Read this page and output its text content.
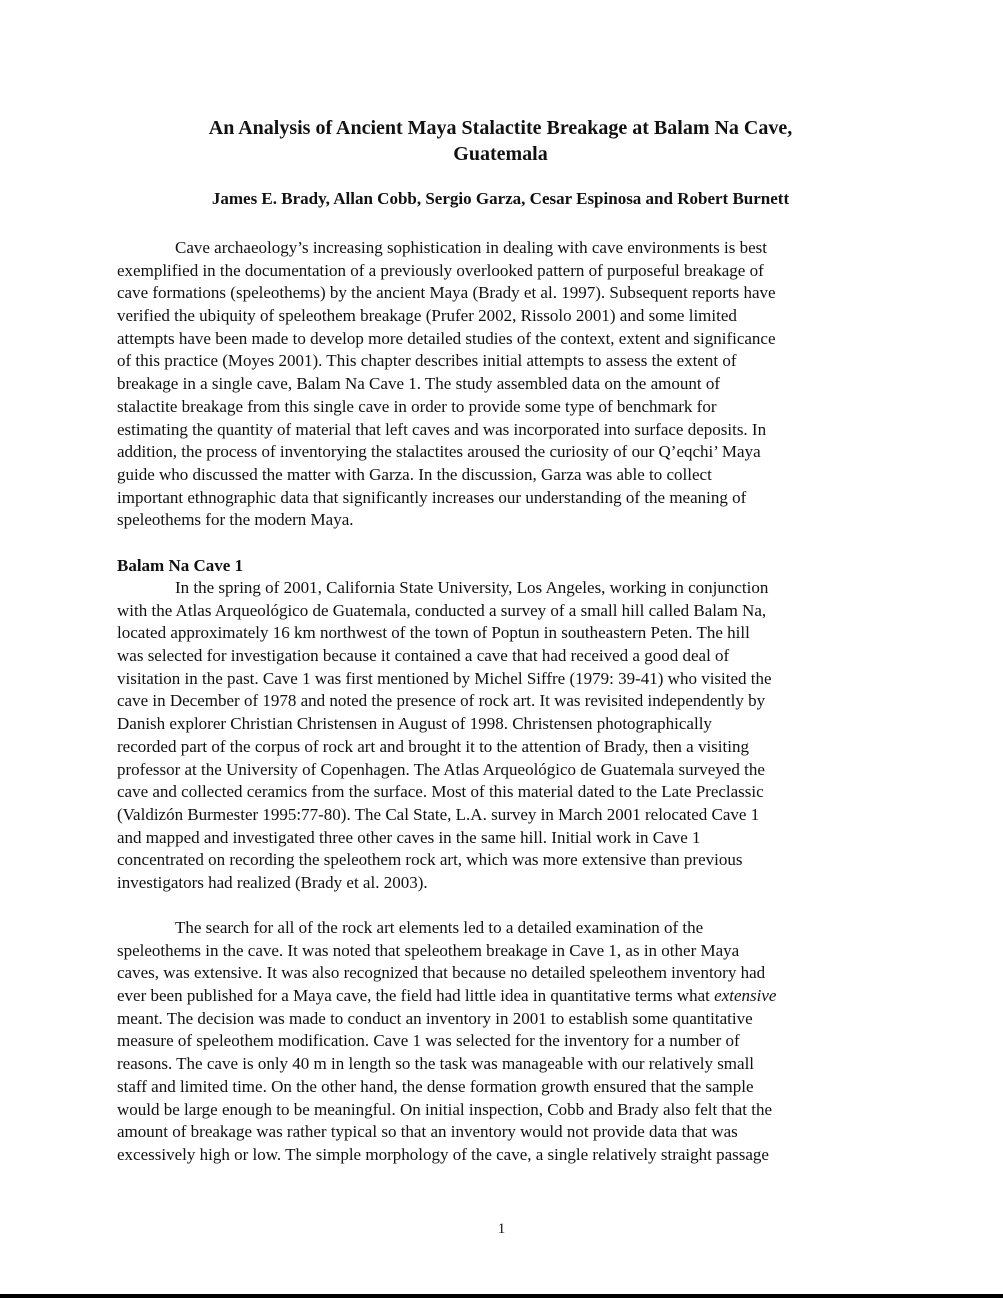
An Analysis of Ancient Maya Stalactite Breakage at Balam Na Cave,
Guatemala
James E. Brady, Allan Cobb, Sergio Garza, Cesar Espinosa and Robert Burnett
Cave archaeology’s increasing sophistication in dealing with cave environments is best
exemplified in the documentation of a previously overlooked pattern of purposeful breakage of
cave formations (speleothems) by the ancient Maya (Brady et al. 1997). Subsequent reports have
verified the ubiquity of speleothem breakage (Prufer 2002, Rissolo 2001) and some limited
attempts have been made to develop more detailed studies of the context, extent and significance
of this practice (Moyes 2001). This chapter describes initial attempts to assess the extent of
breakage in a single cave, Balam Na Cave 1. The study assembled data on the amount of
stalactite breakage from this single cave in order to provide some type of benchmark for
estimating the quantity of material that left caves and was incorporated into surface deposits. In
addition, the process of inventorying the stalactites aroused the curiosity of our Q’eqchi’ Maya
guide who discussed the matter with Garza. In the discussion, Garza was able to collect
important ethnographic data that significantly increases our understanding of the meaning of
speleothems for the modern Maya.
Balam Na Cave 1
In the spring of 2001, California State University, Los Angeles, working in conjunction
with the Atlas Arqueológico de Guatemala, conducted a survey of a small hill called Balam Na,
located approximately 16 km northwest of the town of Poptun in southeastern Peten. The hill
was selected for investigation because it contained a cave that had received a good deal of
visitation in the past. Cave 1 was first mentioned by Michel Siffre (1979: 39-41) who visited the
cave in December of 1978 and noted the presence of rock art. It was revisited independently by
Danish explorer Christian Christensen in August of 1998. Christensen photographically
recorded part of the corpus of rock art and brought it to the attention of Brady, then a visiting
professor at the University of Copenhagen. The Atlas Arqueológico de Guatemala surveyed the
cave and collected ceramics from the surface. Most of this material dated to the Late Preclassic
(Valdizón Burmester 1995:77-80). The Cal State, L.A. survey in March 2001 relocated Cave 1
and mapped and investigated three other caves in the same hill. Initial work in Cave 1
concentrated on recording the speleothem rock art, which was more extensive than previous
investigators had realized (Brady et al. 2003).
The search for all of the rock art elements led to a detailed examination of the
speleothems in the cave. It was noted that speleothem breakage in Cave 1, as in other Maya
caves, was extensive. It was also recognized that because no detailed speleothem inventory had
ever been published for a Maya cave, the field had little idea in quantitative terms what extensive
meant. The decision was made to conduct an inventory in 2001 to establish some quantitative
measure of speleothem modification. Cave 1 was selected for the inventory for a number of
reasons. The cave is only 40 m in length so the task was manageable with our relatively small
staff and limited time. On the other hand, the dense formation growth ensured that the sample
would be large enough to be meaningful. On initial inspection, Cobb and Brady also felt that the
amount of breakage was rather typical so that an inventory would not provide data that was
excessively high or low. The simple morphology of the cave, a single relatively straight passage
1
